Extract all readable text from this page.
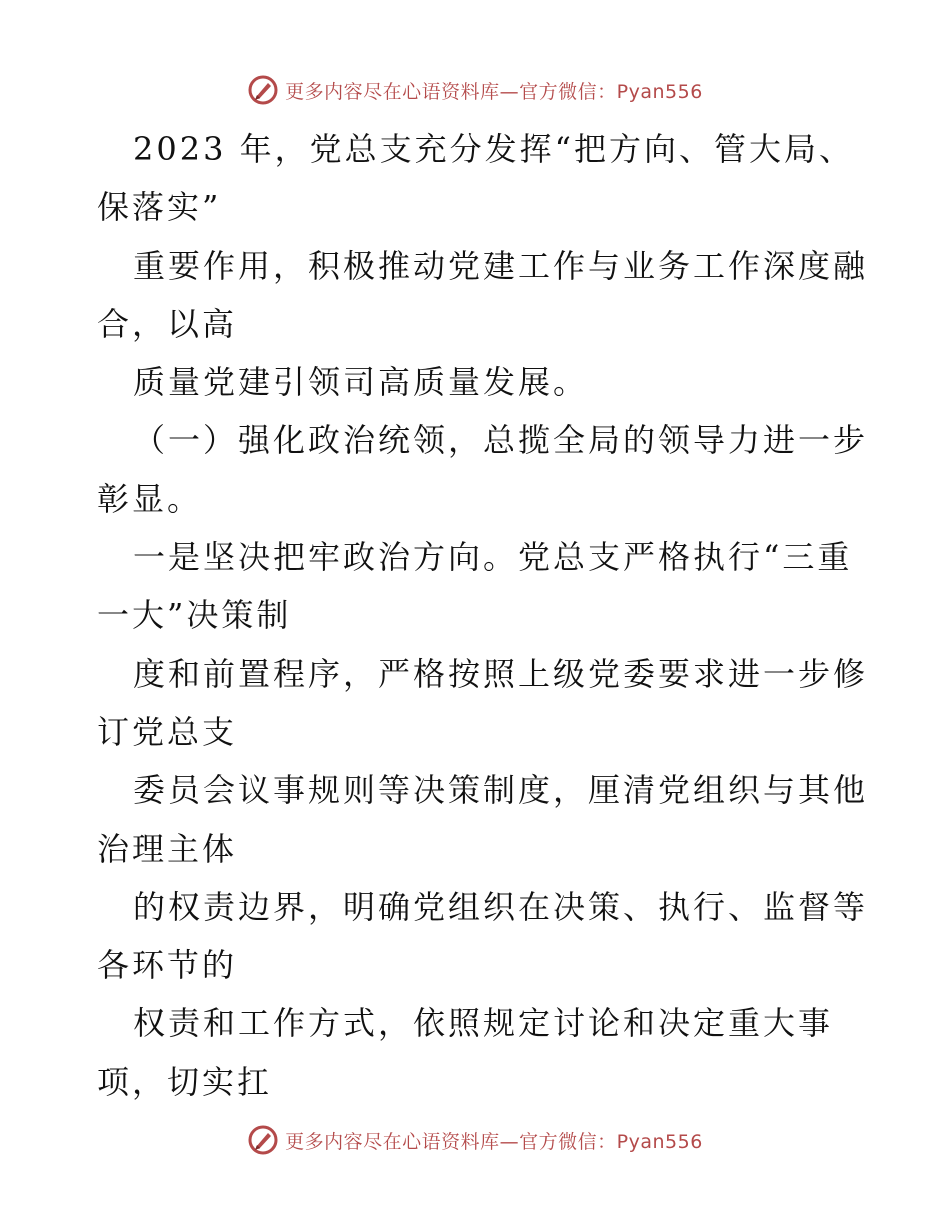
更多内容尽在心语资料库—官方微信：Pyan556
2023 年，党总支充分发挥“把方向、管大局、
保落实”
重要作用，积极推动党建工作与业务工作深度融
合，以高
质量党建引领司高质量发展。
（一）强化政治统领，总揽全局的领导力进一步
彰显。
一是坚决把牢政治方向。党总支严格执行“三重
一大”决策制
度和前置程序，严格按照上级党委要求进一步修
订党总支
委员会议事规则等决策制度，厘清党组织与其他
治理主体
的权责边界，明确党组织在决策、执行、监督等
各环节的
权责和工作方式，依照规定讨论和决定重大事
项，切实扛
更多内容尽在心语资料库—官方微信：Pyan556
